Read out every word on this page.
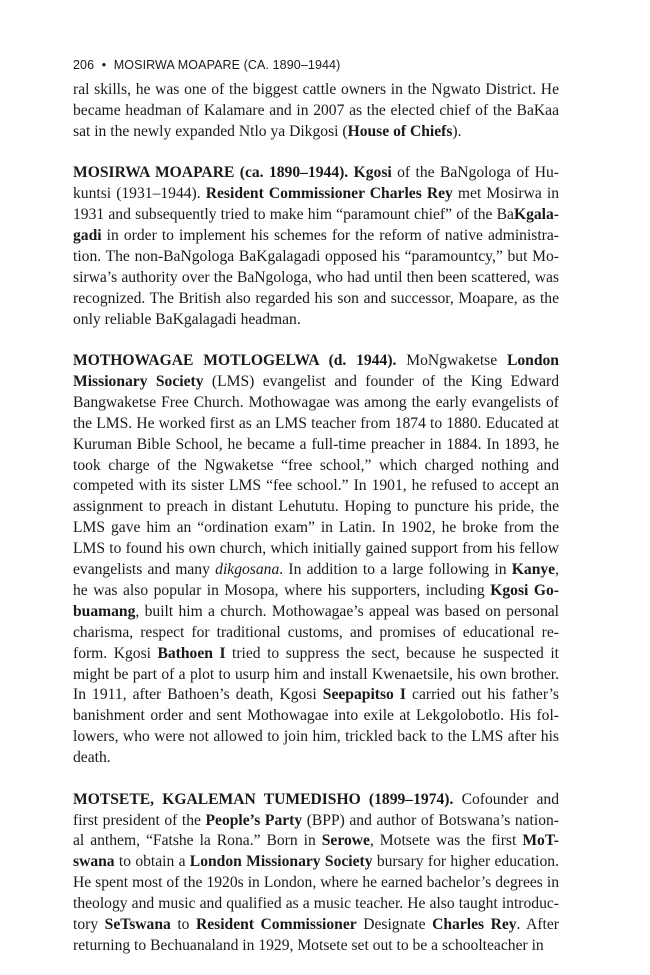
206 • MOSIRWA MOAPARE (CA. 1890–1944)
ral skills, he was one of the biggest cattle owners in the Ngwato District. He
became headman of Kalamare and in 2007 as the elected chief of the BaKaa
sat in the newly expanded Ntlo ya Dikgosi (House of Chiefs).
MOSIRWA MOAPARE (ca. 1890–1944). Kgosi of the BaNgologa of Hu-
kuntsi (1931–1944). Resident Commissioner Charles Rey met Mosirwa in
1931 and subsequently tried to make him “paramount chief” of the BaKgala-
gadi in order to implement his schemes for the reform of native administra-
tion. The non-BaNgologa BaKgalagadi opposed his “paramountcy,” but Mo-
sirwa’s authority over the BaNgologa, who had until then been scattered, was
recognized. The British also regarded his son and successor, Moapare, as the
only reliable BaKgalagadi headman.
MOTHOWAGAE MOTLOGELWA (d. 1944). MoNgwaketse London
Missionary Society (LMS) evangelist and founder of the King Edward
Bangwaketse Free Church. Mothowagae was among the early evangelists of
the LMS. He worked first as an LMS teacher from 1874 to 1880. Educated at
Kuruman Bible School, he became a full-time preacher in 1884. In 1893, he
took charge of the Ngwaketse “free school,” which charged nothing and
competed with its sister LMS “fee school.” In 1901, he refused to accept an
assignment to preach in distant Lehututu. Hoping to puncture his pride, the
LMS gave him an “ordination exam” in Latin. In 1902, he broke from the
LMS to found his own church, which initially gained support from his fellow
evangelists and many dikgosana. In addition to a large following in Kanye,
he was also popular in Mosopa, where his supporters, including Kgosi Go-
buamang, built him a church. Mothowagae’s appeal was based on personal
charisma, respect for traditional customs, and promises of educational re-
form. Kgosi Bathoen I tried to suppress the sect, because he suspected it
might be part of a plot to usurp him and install Kwenaetsile, his own brother.
In 1911, after Bathoen’s death, Kgosi Seepapitso I carried out his father’s
banishment order and sent Mothowagae into exile at Lekgolobotlo. His fol-
lowers, who were not allowed to join him, trickled back to the LMS after his
death.
MOTSETE, KGALEMAN TUMEDISHO (1899–1974). Cofounder and
first president of the People’s Party (BPP) and author of Botswana’s nation-
al anthem, “Fatshe la Rona.” Born in Serowe, Motsete was the first MoT-
swana to obtain a London Missionary Society bursary for higher education.
He spent most of the 1920s in London, where he earned bachelor’s degrees in
theology and music and qualified as a music teacher. He also taught introduc-
tory SeTswana to Resident Commissioner Designate Charles Rey. After
returning to Bechuanaland in 1929, Motsete set out to be a schoolteacher in
